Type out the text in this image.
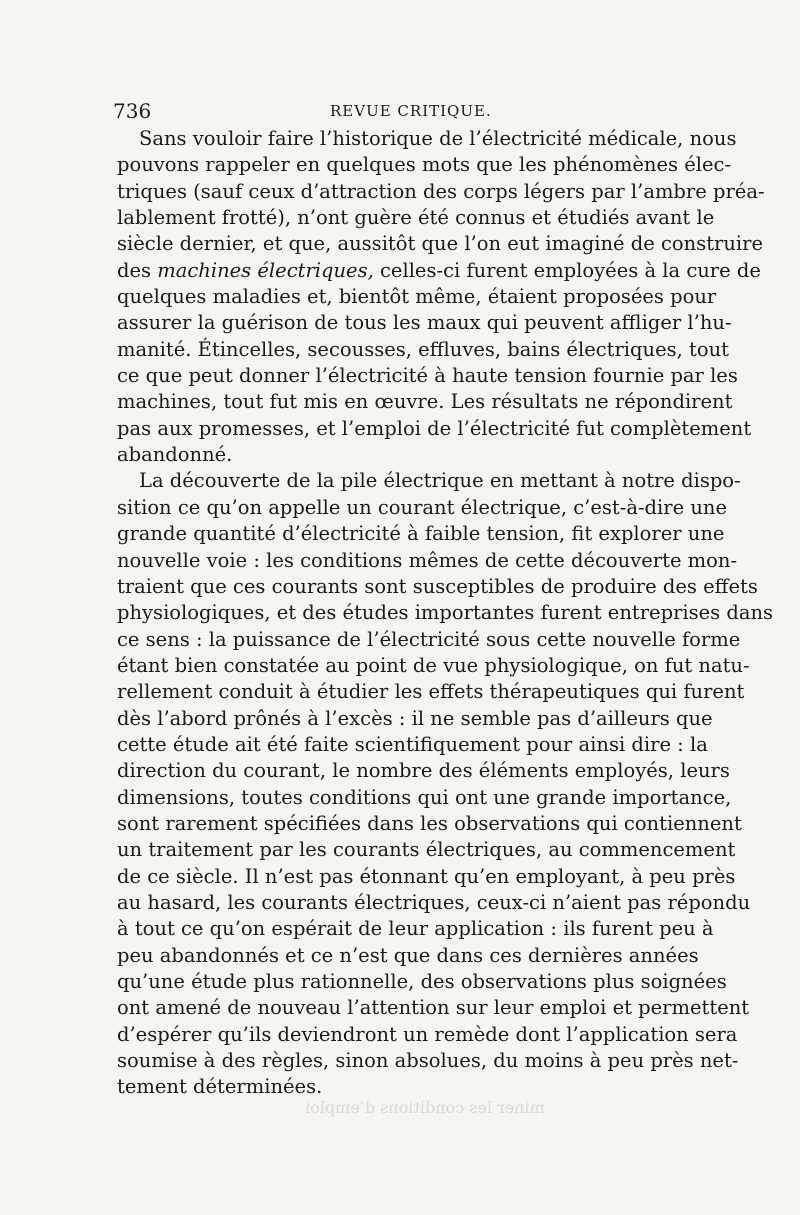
736	REVUE CRITIQUE.
Sans vouloir faire l’historique de l’électricité médicale, nous
pouvons rappeler en quelques mots que les phénomènes élec-
triques (sauf ceux d’attraction des corps légers par l’ambre préa-
lablement frotté), n’ont guère été connus et étudiés avant le
siècle dernier, et que, aussitôt que l’on eut imaginé de construire
des machines électriques, celles-ci furent employées à la cure de
quelques maladies et, bientôt même, étaient proposées pour
assurer la guérison de tous les maux qui peuvent affliger l’hu-
manité. Étincelles, secousses, effluves, bains électriques, tout
ce que peut donner l’électricité à haute tension fournie par les
machines, tout fut mis en œuvre. Les résultats ne répondirent
pas aux promesses, et l’emploi de l’électricité fut complètement
abandonné.
La découverte de la pile électrique en mettant à notre dispo-
sition ce qu’on appelle un courant électrique, c’est-à-dire une
grande quantité d’électricité à faible tension, fit explorer une
nouvelle voie : les conditions mêmes de cette découverte mon-
traient que ces courants sont susceptibles de produire des effets
physiologiques, et des études importantes furent entreprises dans
ce sens : la puissance de l’électricité sous cette nouvelle forme
étant bien constatée au point de vue physiologique, on fut natu-
rellement conduit à étudier les effets thérapeutiques qui furent
dès l’abord prônés à l’excès : il ne semble pas d’ailleurs que
cette étude ait été faite scientifiquement pour ainsi dire : la
direction du courant, le nombre des éléments employés, leurs
dimensions, toutes conditions qui ont une grande importance,
sont rarement spécifiées dans les observations qui contiennent
un traitement par les courants électriques, au commencement
de ce siècle. Il n’est pas étonnant qu’en employant, à peu près
au hasard, les courants électriques, ceux-ci n’aient pas répondu
à tout ce qu’on espérait de leur application : ils furent peu à
peu abandonnés et ce n’est que dans ces dernières années
qu’une étude plus rationnelle, des observations plus soignées
ont amené de nouveau l’attention sur leur emploi et permettent
d’espérer qu’ils deviendront un remède dont l’application sera
soumise à des règles, sinon absolues, du moins à peu près net-
tement déterminées.
miner les conditions d’emploi
